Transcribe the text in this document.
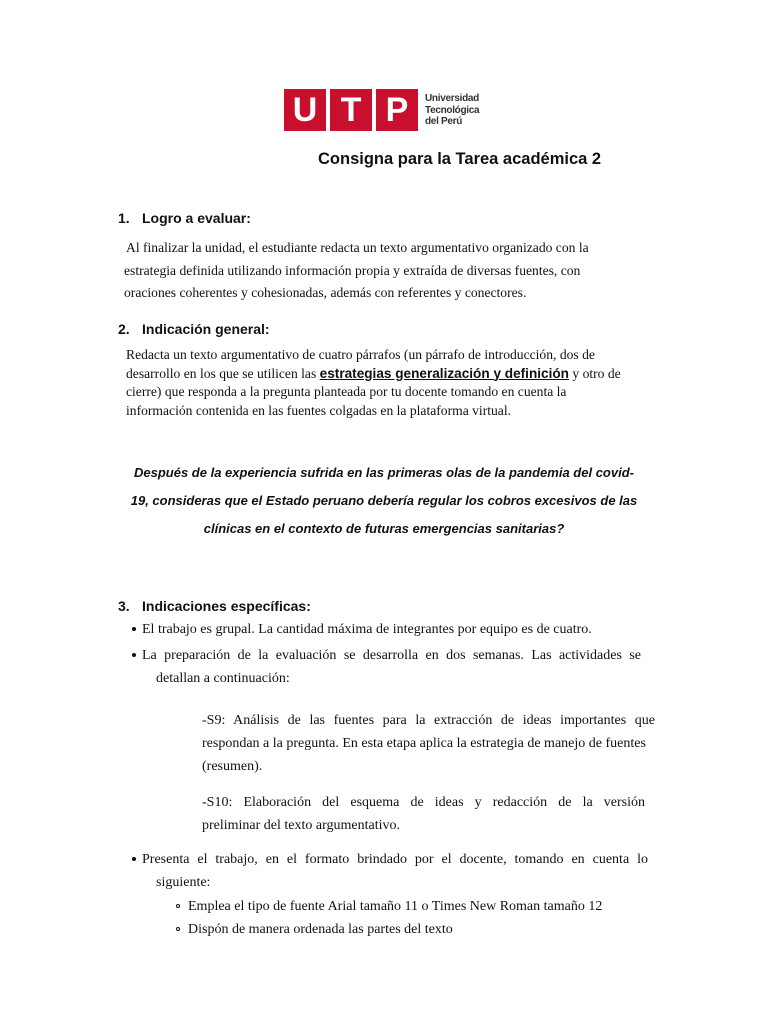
U T P	Universidad
Tecnológica
del Perú
Consigna para la Tarea académica 2
1. Logro a evaluar:
Al finalizar la unidad, el estudiante redacta un texto argumentativo organizado con la
estrategia definida utilizando información propia y extraída de diversas fuentes, con
oraciones coherentes y cohesionadas, además con referentes y conectores.
2. Indicación general:
Redacta un texto argumentativo de cuatro párrafos (un párrafo de introducción, dos de
desarrollo en los que se utilicen las estrategias generalización y definición y otro de
cierre) que responda a la pregunta planteada por tu docente tomando en cuenta la
información contenida en las fuentes colgadas en la plataforma virtual.
Después de la experiencia sufrida en las primeras olas de la pandemia del covid-
19, consideras que el Estado peruano debería regular los cobros excesivos de las
clínicas en el contexto de futuras emergencias sanitarias?
3. Indicaciones específicas:
El trabajo es grupal. La cantidad máxima de integrantes por equipo es de cuatro.
La preparación de la evaluación se desarrolla en dos semanas. Las actividades se
detallan a continuación:
-S9: Análisis de las fuentes para la extracción de ideas importantes que
respondan a la pregunta. En esta etapa aplica la estrategia de manejo de fuentes
(resumen).
-S10: Elaboración del esquema de ideas y redacción de la versión
preliminar del texto argumentativo.
Presenta el trabajo, en el formato brindado por el docente, tomando en cuenta lo
siguiente:
Emplea el tipo de fuente Arial tamaño 11 o Times New Roman tamaño 12
Dispón de manera ordenada las partes del texto
